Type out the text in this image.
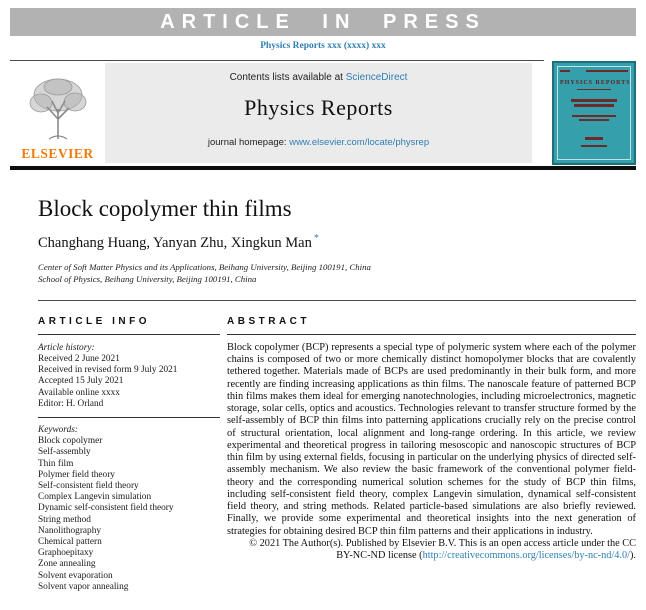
ARTICLE IN PRESS
Physics Reports xxx (xxxx) xxx
ELSEVIER
Contents lists available at ScienceDirect
Physics Reports
journal homepage: www.elsevier.com/locate/physrep
PHYSICS REPORTS
Block copolymer thin films
Changhang Huang, Yanyan Zhu, Xingkun Man *
Center of Soft Matter Physics and its Applications, Beihang University, Beijing 100191, China
School of Physics, Beihang University, Beijing 100191, China
ARTICLE INFO
Article history:
Received 2 June 2021
Received in revised form 9 July 2021
Accepted 15 July 2021
Available online xxxx
Editor: H. Orland
Keywords:
Block copolymer
Self-assembly
Thin film
Polymer field theory
Self-consistent field theory
Complex Langevin simulation
Dynamic self-consistent field theory
String method
Nanolithography
Chemical pattern
Graphoepitaxy
Zone annealing
Solvent evaporation
Solvent vapor annealing
ABSTRACT
Block copolymer (BCP) represents a special type of polymeric system where each of the polymer chains is composed of two or more chemically distinct homopolymer blocks that are covalently tethered together. Materials made of BCPs are used predominantly in their bulk form, and more recently are finding increasing applications as thin films. The nanoscale feature of patterned BCP thin films makes them ideal for emerging nanotechnologies, including microelectronics, magnetic storage, solar cells, optics and acoustics. Technologies relevant to transfer structure formed by the self-assembly of BCP thin films into patterning applications crucially rely on the precise control of structural orientation, local alignment and long-range ordering. In this article, we review experimental and theoretical progress in tailoring mesoscopic and nanoscopic structures of BCP thin film by using external fields, focusing in particular on the underlying physics of directed self-assembly mechanism. We also review the basic framework of the conventional polymer field-theory and the corresponding numerical solution schemes for the study of BCP thin films, including self-consistent field theory, complex Langevin simulation, dynamical self-consistent field theory, and string methods. Related particle-based simulations are also briefly reviewed. Finally, we provide some experimental and theoretical insights into the next generation of strategies for obtaining desired BCP thin film patterns and their applications in industry.
© 2021 The Author(s). Published by Elsevier B.V. This is an open access article under the CC
BY-NC-ND license (http://creativecommons.org/licenses/by-nc-nd/4.0/).
